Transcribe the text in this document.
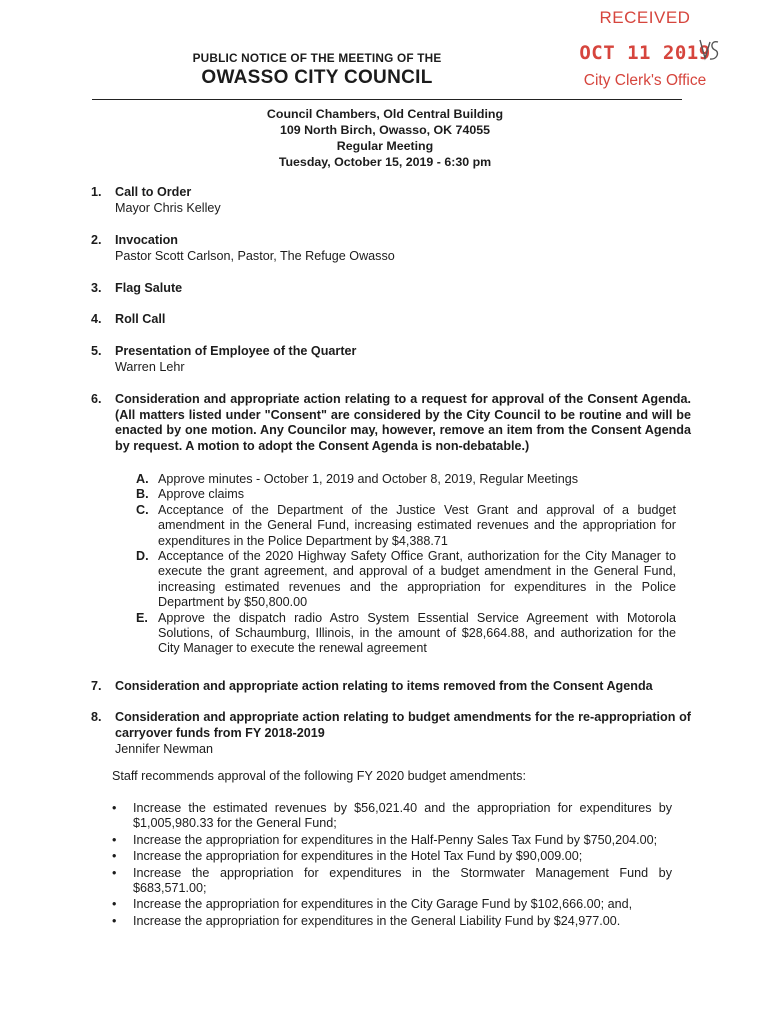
RECEIVED
OCT 11 2019
City Clerk's Office
PUBLIC NOTICE OF THE MEETING OF THE
OWASSO CITY COUNCIL
Council Chambers, Old Central Building
109 North Birch, Owasso, OK 74055
Regular Meeting
Tuesday, October 15, 2019 - 6:30 pm
1. Call to Order
Mayor Chris Kelley
2. Invocation
Pastor Scott Carlson, Pastor, The Refuge Owasso
3. Flag Salute
4. Roll Call
5. Presentation of Employee of the Quarter
Warren Lehr
6. Consideration and appropriate action relating to a request for approval of the Consent Agenda. (All matters listed under "Consent" are considered by the City Council to be routine and will be enacted by one motion. Any Councilor may, however, remove an item from the Consent Agenda by request. A motion to adopt the Consent Agenda is non-debatable.)
A. Approve minutes - October 1, 2019 and October 8, 2019, Regular Meetings
B. Approve claims
C. Acceptance of the Department of the Justice Vest Grant and approval of a budget amendment in the General Fund, increasing estimated revenues and the appropriation for expenditures in the Police Department by $4,388.71
D. Acceptance of the 2020 Highway Safety Office Grant, authorization for the City Manager to execute the grant agreement, and approval of a budget amendment in the General Fund, increasing estimated revenues and the appropriation for expenditures in the Police Department by $50,800.00
E. Approve the dispatch radio Astro System Essential Service Agreement with Motorola Solutions, of Schaumburg, Illinois, in the amount of $28,664.88, and authorization for the City Manager to execute the renewal agreement
7. Consideration and appropriate action relating to items removed from the Consent Agenda
8. Consideration and appropriate action relating to budget amendments for the re-appropriation of carryover funds from FY 2018-2019
Jennifer Newman
Staff recommends approval of the following FY 2020 budget amendments:
• Increase the estimated revenues by $56,021.40 and the appropriation for expenditures by $1,005,980.33 for the General Fund;
• Increase the appropriation for expenditures in the Half-Penny Sales Tax Fund by $750,204.00;
• Increase the appropriation for expenditures in the Hotel Tax Fund by $90,009.00;
• Increase the appropriation for expenditures in the Stormwater Management Fund by $683,571.00;
• Increase the appropriation for expenditures in the City Garage Fund by $102,666.00; and,
• Increase the appropriation for expenditures in the General Liability Fund by $24,977.00.
